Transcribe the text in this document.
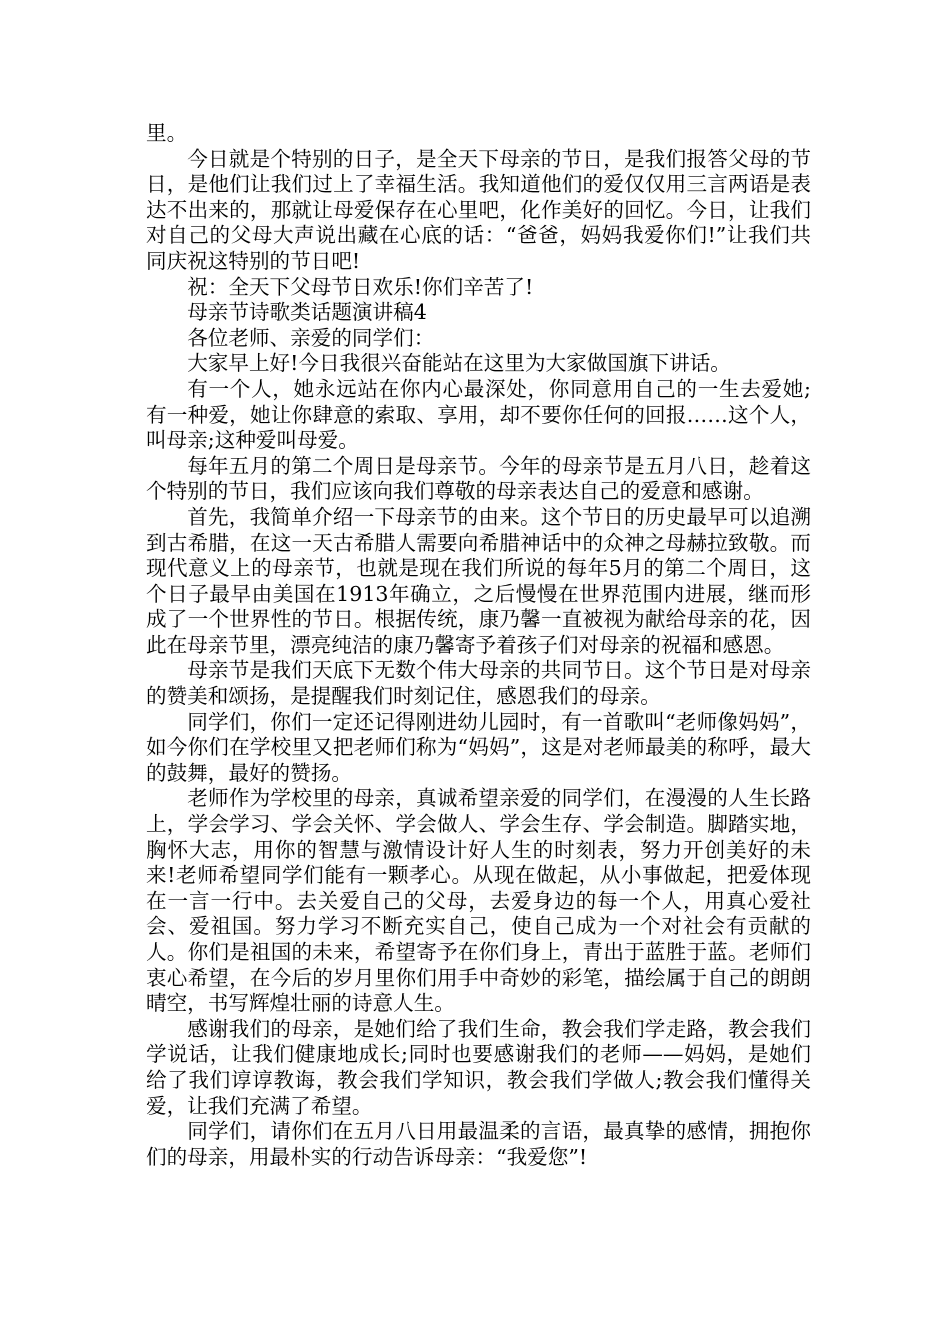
里。

今日就是个特别的日子，是全天下母亲的节日，是我们报答父母的节日，是他们让我们过上了幸福生活。我知道他们的爱仅仅用三言两语是表达不出来的，那就让母爱保存在心里吧，化作美好的回忆。今日，让我们对自己的父母大声说出藏在心底的话：“爸爸，妈妈我爱你们!”让我们共同庆祝这特别的节日吧!

祝：全天下父母节日欢乐!你们辛苦了!

母亲节诗歌类话题演讲稿4

各位老师、亲爱的同学们：

大家早上好!今日我很兴奋能站在这里为大家做国旗下讲话。

有一个人，她永远站在你内心最深处，你同意用自己的一生去爱她;有一种爱，她让你肆意的索取、享用，却不要你任何的回报……这个人，叫母亲;这种爱叫母爱。

每年五月的第二个周日是母亲节。今年的母亲节是五月八日，趁着这个特别的节日，我们应该向我们尊敬的母亲表达自己的爱意和感谢。

首先，我简单介绍一下母亲节的由来。这个节日的历史最早可以追溯到古希腊，在这一天古希腊人需要向希腊神话中的众神之母赫拉致敬。而现代意义上的母亲节，也就是现在我们所说的每年5月的第二个周日，这个日子最早由美国在1913年确立，之后慢慢在世界范围内进展，继而形成了一个世界性的节日。根据传统，康乃馨一直被视为献给母亲的花，因此在母亲节里，漂亮纯洁的康乃馨寄予着孩子们对母亲的祝福和感恩。

母亲节是我们天底下无数个伟大母亲的共同节日。这个节日是对母亲的赞美和颂扬，是提醒我们时刻记住，感恩我们的母亲。

同学们，你们一定还记得刚进幼儿园时，有一首歌叫“老师像妈妈”，如今你们在学校里又把老师们称为“妈妈”，这是对老师最美的称呼，最大的鼓舞，最好的赞扬。

老师作为学校里的母亲，真诚希望亲爱的同学们，在漫漫的人生长路上，学会学习、学会关怀、学会做人、学会生存、学会制造。脚踏实地，胸怀大志，用你的智慧与激情设计好人生的时刻表，努力开创美好的未来!老师希望同学们能有一颗孝心。从现在做起，从小事做起，把爱体现在一言一行中。去关爱自己的父母，去爱身边的每一个人，用真心爱社会、爱祖国。努力学习不断充实自己，使自己成为一个对社会有贡献的人。你们是祖国的未来，希望寄予在你们身上，青出于蓝胜于蓝。老师们衷心希望，在今后的岁月里你们用手中奇妙的彩笔，描绘属于自己的朗朗晴空，书写辉煌壮丽的诗意人生。

感谢我们的母亲，是她们给了我们生命，教会我们学走路，教会我们学说话，让我们健康地成长;同时也要感谢我们的老师——妈妈，是她们给了我们谆谆教诲，教会我们学知识，教会我们学做人;教会我们懂得关爱，让我们充满了希望。

同学们，请你们在五月八日用最温柔的言语，最真挚的感情，拥抱你们的母亲，用最朴实的行动告诉母亲：“我爱您”!
